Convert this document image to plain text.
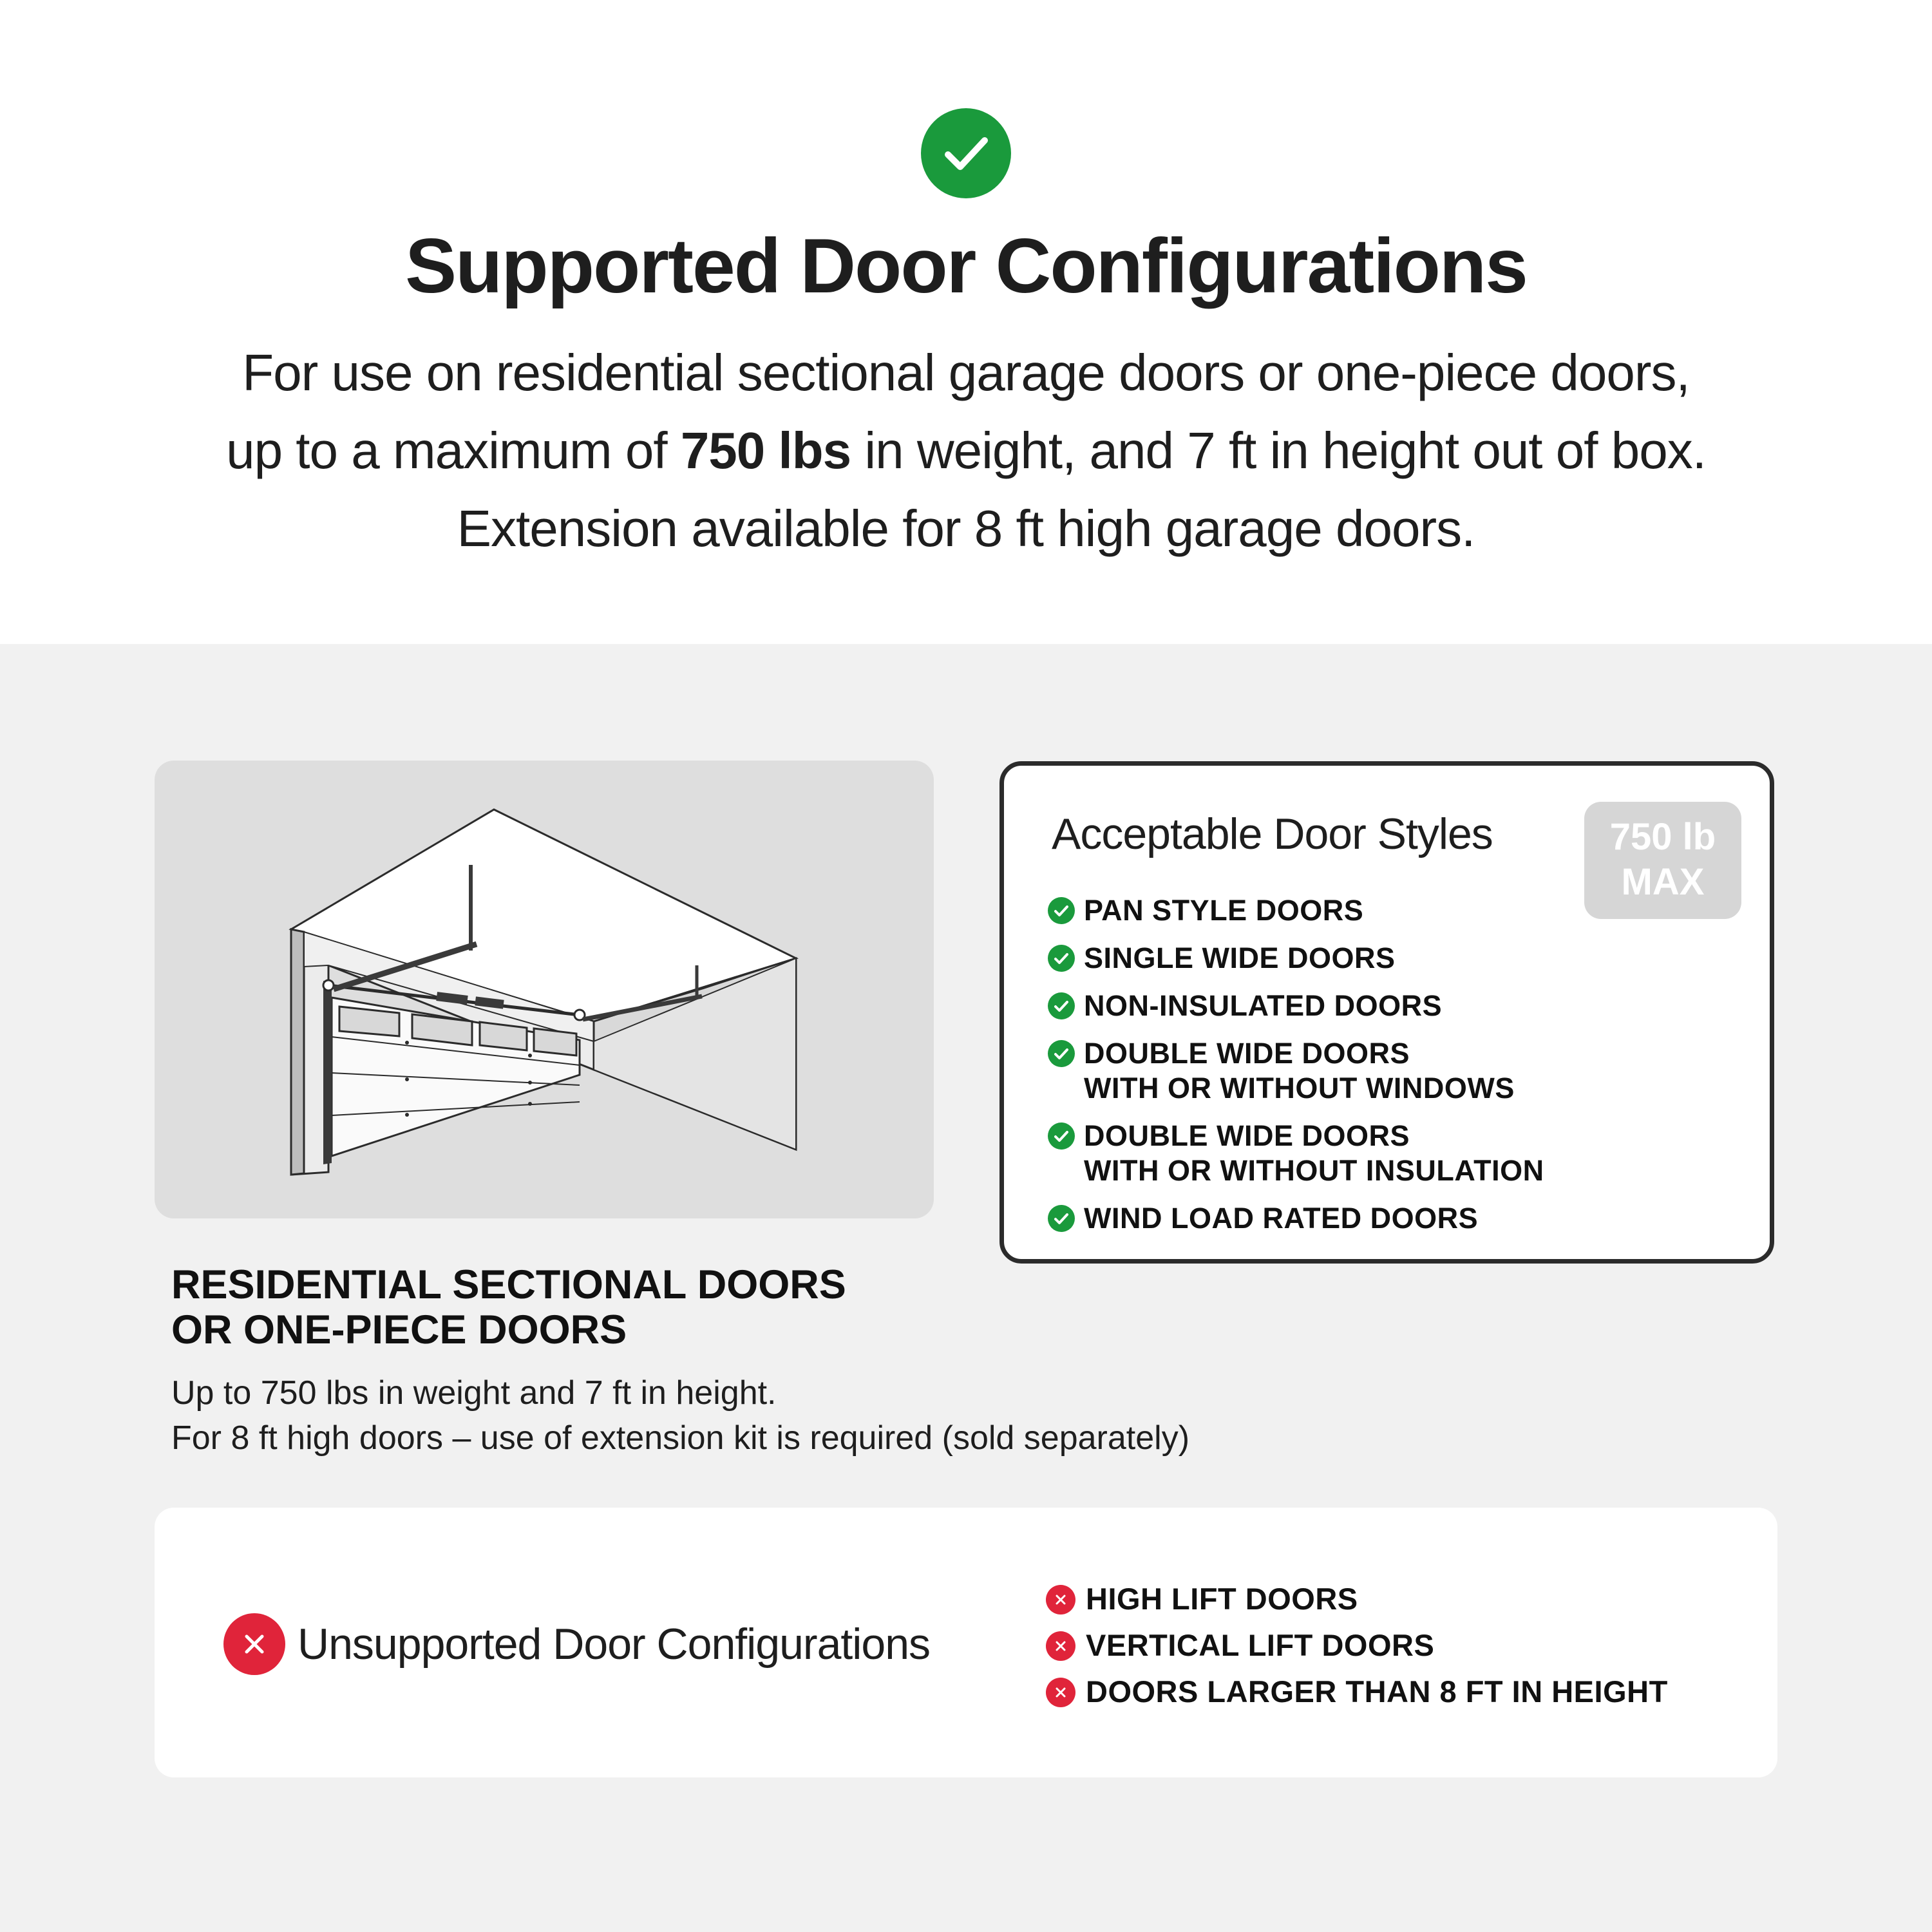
Supported Door Configurations
For use on residential sectional garage doors or one-piece doors,
up to a maximum of 750 lbs in weight, and 7 ft in height out of box.
Extension available for 8 ft high garage doors.
Acceptable Door Styles	750 lb
MAX
PAN STYLE DOORS
SINGLE WIDE DOORS
NON-INSULATED DOORS
DOUBLE WIDE DOORS
WITH OR WITHOUT WINDOWS
DOUBLE WIDE DOORS
WITH OR WITHOUT INSULATION
WIND LOAD RATED DOORS
RESIDENTIAL SECTIONAL DOORS
OR ONE-PIECE DOORS
Up to 750 lbs in weight and 7 ft in height.
For 8 ft high doors – use of extension kit is required (sold separately)
Unsupported Door Configurations
HIGH LIFT DOORS
VERTICAL LIFT DOORS
DOORS LARGER THAN 8 FT IN HEIGHT
